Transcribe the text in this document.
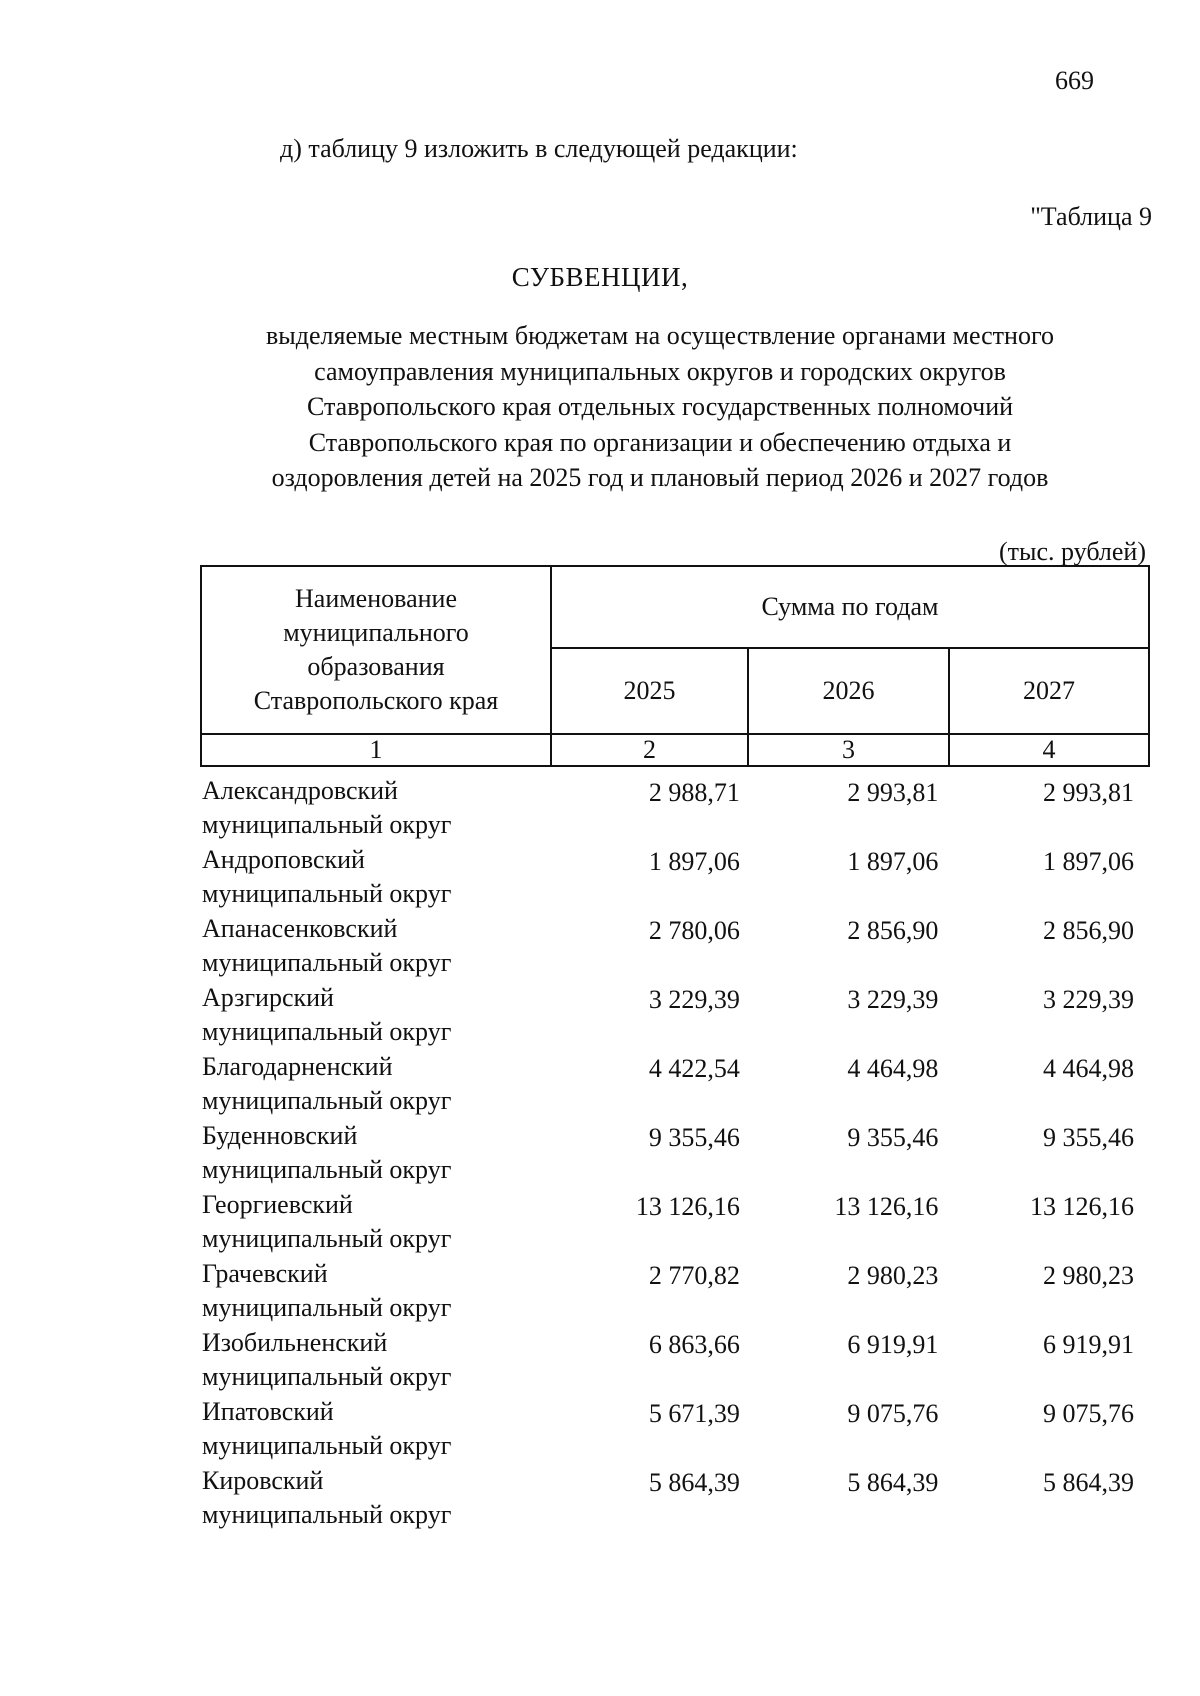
669
д) таблицу 9 изложить в следующей редакции:
"Таблица 9
СУБВЕНЦИИ,
выделяемые местным бюджетам на осуществление органами местного
самоуправления муниципальных округов и городских округов
Ставропольского края отдельных государственных полномочий
Ставропольского края по организации и обеспечению отдыха и
оздоровления детей на 2025 год и плановый период 2026 и 2027 годов
(тыс. рублей)
Наименование
муниципального
образования
Ставропольского края	Сумма по годам		
	2025	2026	2027
1	2	3	4
Александровский
муниципальный округ
2 988,71	2 993,81	2 993,81
Андроповский
муниципальный округ
1 897,06	1 897,06	1 897,06
Апанасенковский
муниципальный округ
2 780,06	2 856,90	2 856,90
Арзгирский
муниципальный округ
3 229,39	3 229,39	3 229,39
Благодарненский
муниципальный округ
4 422,54	4 464,98	4 464,98
Буденновский
муниципальный округ
9 355,46	9 355,46	9 355,46
Георгиевский
муниципальный округ
13 126,16	13 126,16	13 126,16
Грачевский
муниципальный округ
2 770,82	2 980,23	2 980,23
Изобильненский
муниципальный округ
6 863,66	6 919,91	6 919,91
Ипатовский
муниципальный округ
5 671,39	9 075,76	9 075,76
Кировский
муниципальный округ
5 864,39	5 864,39	5 864,39
